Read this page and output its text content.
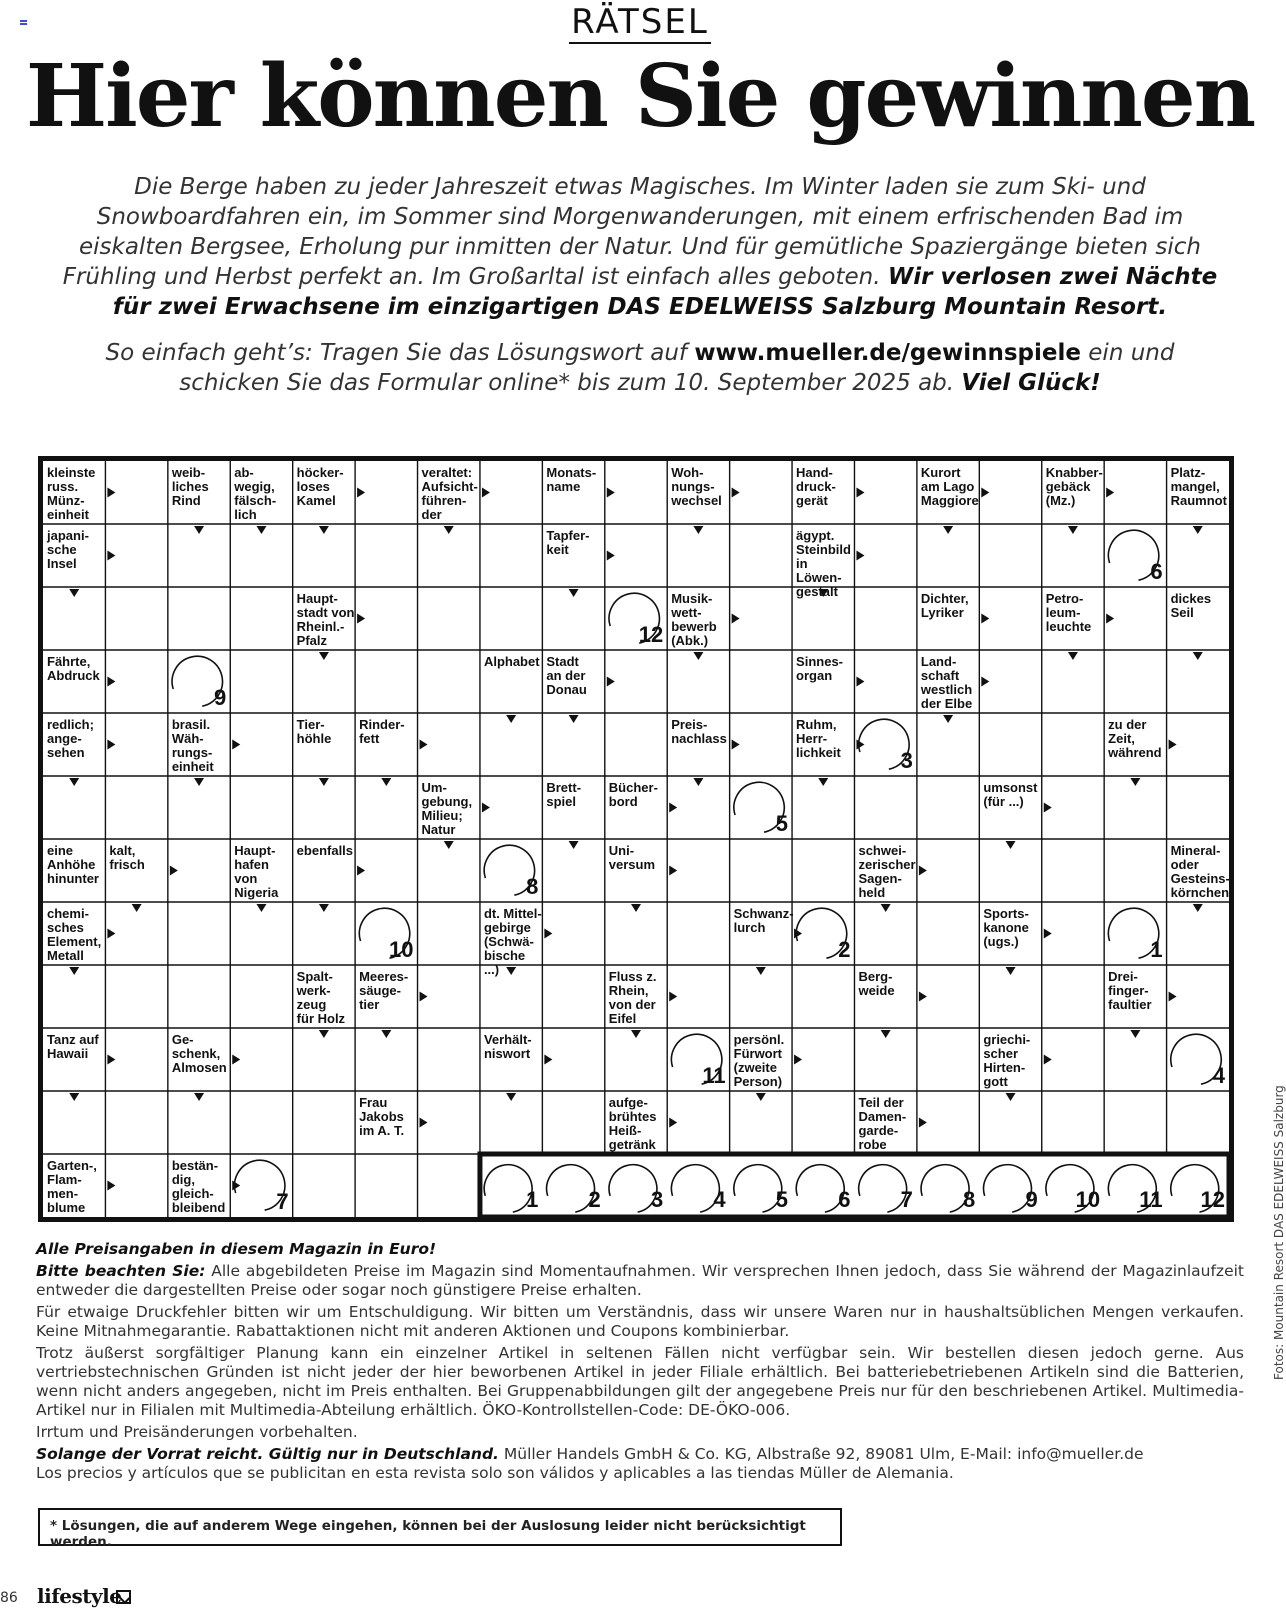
RÄTSEL
Hier können Sie gewinnen
Die Berge haben zu jeder Jahreszeit etwas Magisches. Im Winter laden sie zum Ski- und Snowboardfahren ein, im Sommer sind Morgenwanderungen, mit einem erfrischenden Bad im eiskalten Bergsee, Erholung pur inmitten der Natur. Und für gemütliche Spaziergänge bieten sich Frühling und Herbst perfekt an. Im Großarltal ist einfach alles geboten. Wir verlosen zwei Nächte für zwei Erwachsene im einzigartigen DAS EDELWEISS Salzburg Mountain Resort.
So einfach geht’s: Tragen Sie das Lösungswort auf www.mueller.de/gewinnspiele ein und schicken Sie das Formular online* bis zum 10. September 2025 ab. Viel Glück!
kleinste
russ.
Münz-
einheit
weib-
liches
Rind
ab-
wegig,
fälsch-
lich
höcker-
loses
Kamel
veraltet:
Aufsicht-
führen-
der
Monats-
name
Woh-
nungs-
wechsel
Hand-
druck-
gerät
Kurort
am Lago
Maggiore
Knabber-
gebäck
(Mz.)
Platz-
mangel,
Raumnot
japani-
sche
Insel
Tapfer-
keit
ägypt.
Steinbild
in Löwen-
gestalt
Haupt-
stadt von
Rheinl.-
Pfalz
Musik-
wett-
bewerb
(Abk.)
Dichter,
Lyriker
Petro-
leum-
leuchte
dickes
Seil
Fährte,
Abdruck
Alphabet Stadt
an der
Donau
Sinnes-
organ
Land-
schaft
westlich
der Elbe
redlich;
ange-
sehen
brasil.
Wäh-
rungs-
einheit
Tier-
höhle
Rinder-
fett
Preis-
nachlass
Ruhm,
Herr-
lichkeit
zu der
Zeit,
während
Um-
gebung,
Milieu;
Natur
Brett-
spiel
Bücher-
bord
umsonst
(für ...)
eine
Anhöhe
hinunter
kalt,
frisch
Haupt-
hafen
von
Nigeria
ebenfalls	Uni-
versum
schwei-
zerischer
Sagen-
held
Mineral-
oder
Gesteins-
körnchen
chemi-
sches
Element,
Metall
dt. Mittel-
gebirge
(Schwä-
bische ...)
Schwanz-
lurch
Sports-
kanone
(ugs.)
Spalt-
werk-
zeug
für Holz
Meeres-
säuge-
tier
Fluss z.
Rhein,
von der
Eifel
Berg-
weide
Drei-
finger-
faultier
Tanz auf
Hawaii
Ge-
schenk,
Almosen
Verhält-
niswort
persönl.
Fürwort
(zweite
Person)
griechi-
scher
Hirten-
gott
Frau
Jakobs
im A. T.
aufge-
brühtes
Heiß-
getränk
Teil der
Damen-
garde-
robe
Garten-,
Flam-
men-
blume
bestän-
dig,
gleich-
bleibend
6
12
9
3
5
8
10	2	1
11	4
7	1	2	3	4	5	6	7	8	9	10	11	12	Fotos: Mountain Resort DAS EDELWEISS Salzburg

Alle Preisangaben in diesem Magazin in Euro!

Bitte beachten Sie: Alle abgebildeten Preise im Magazin sind Momentaufnahmen. Wir versprechen Ihnen jedoch, dass Sie während der Magazinlaufzeit entweder die dargestellten Preise oder sogar noch günstigere Preise erhalten.

Für etwaige Druckfehler bitten wir um Entschuldigung. Wir bitten um Verständnis, dass wir unsere Waren nur in haushaltsüblichen Mengen verkaufen. Keine Mitnahmegarantie. Rabattaktionen nicht mit anderen Aktionen und Coupons kombinierbar.

Trotz äußerst sorgfältiger Planung kann ein einzelner Artikel in seltenen Fällen nicht verfügbar sein. Wir bestellen diesen jedoch gerne. Aus vertriebstechnischen Gründen ist nicht jeder der hier beworbenen Artikel in jeder Filiale erhältlich. Bei batteriebetriebenen Artikeln sind die Batterien, wenn nicht anders angegeben, nicht im Preis enthalten. Bei Gruppenabbildungen gilt der angegebene Preis nur für den beschriebenen Artikel. Multimedia-Artikel nur in Filialen mit Multimedia-Abteilung erhältlich. ÖKO-Kontrollstellen-Code: DE-ÖKO-006.

Irrtum und Preisänderungen vorbehalten.

Solange der Vorrat reicht. Gültig nur in Deutschland. Müller Handels GmbH & Co. KG, Albstraße 92, 89081 Ulm, E-Mail: info@mueller.de
Los precios y artículos que se publicitan en esta revista solo son válidos y aplicables a las tiendas Müller de Alemania.

* Lösungen, die auf anderem Wege eingehen, können bei der Auslosung leider nicht berücksichtigt werden.
86 lifestyle
